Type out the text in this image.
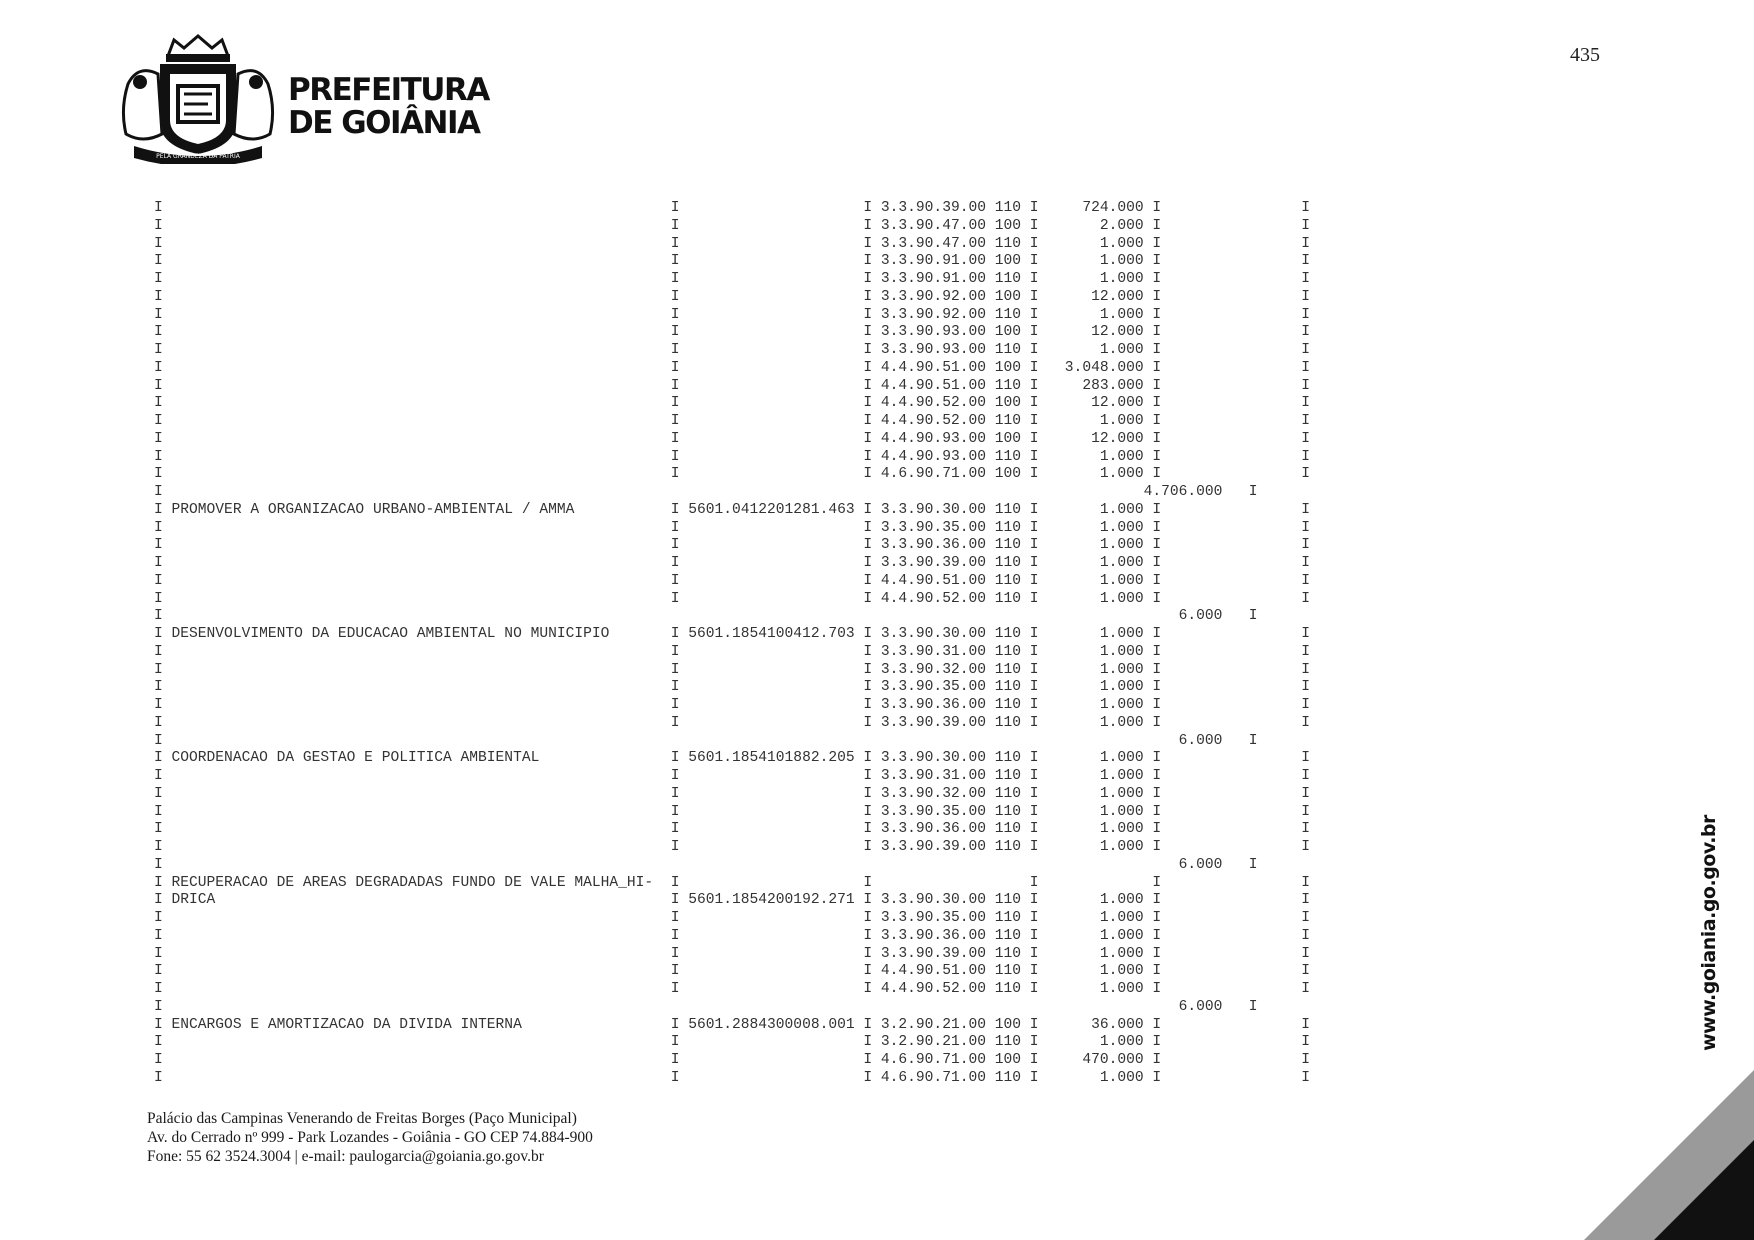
PELA GRANDEZA DA PÁTRIA
PREFEITURA
DE GOIÂNIA
435
I                                                          I                     I 3.3.90.39.00 110 I     724.000 I                I
I                                                          I                     I 3.3.90.47.00 100 I       2.000 I                I
I                                                          I                     I 3.3.90.47.00 110 I       1.000 I                I
I                                                          I                     I 3.3.90.91.00 100 I       1.000 I                I
I                                                          I                     I 3.3.90.91.00 110 I       1.000 I                I
I                                                          I                     I 3.3.90.92.00 100 I      12.000 I                I
I                                                          I                     I 3.3.90.92.00 110 I       1.000 I                I
I                                                          I                     I 3.3.90.93.00 100 I      12.000 I                I
I                                                          I                     I 3.3.90.93.00 110 I       1.000 I                I
I                                                          I                     I 4.4.90.51.00 100 I   3.048.000 I                I
I                                                          I                     I 4.4.90.51.00 110 I     283.000 I                I
I                                                          I                     I 4.4.90.52.00 100 I      12.000 I                I
I                                                          I                     I 4.4.90.52.00 110 I       1.000 I                I
I                                                          I                     I 4.4.90.93.00 100 I      12.000 I                I
I                                                          I                     I 4.4.90.93.00 110 I       1.000 I                I
I                                                          I                     I 4.6.90.71.00 100 I       1.000 I                I
I                                                                                                                4.706.000   I
I PROMOVER A ORGANIZACAO URBANO-AMBIENTAL / AMMA           I 5601.0412201281.463 I 3.3.90.30.00 110 I       1.000 I                I
I                                                          I                     I 3.3.90.35.00 110 I       1.000 I                I
I                                                          I                     I 3.3.90.36.00 110 I       1.000 I                I
I                                                          I                     I 3.3.90.39.00 110 I       1.000 I                I
I                                                          I                     I 4.4.90.51.00 110 I       1.000 I                I
I                                                          I                     I 4.4.90.52.00 110 I       1.000 I                I
I                                                                                                                    6.000   I
I DESENVOLVIMENTO DA EDUCACAO AMBIENTAL NO MUNICIPIO       I 5601.1854100412.703 I 3.3.90.30.00 110 I       1.000 I                I
I                                                          I                     I 3.3.90.31.00 110 I       1.000 I                I
I                                                          I                     I 3.3.90.32.00 110 I       1.000 I                I
I                                                          I                     I 3.3.90.35.00 110 I       1.000 I                I
I                                                          I                     I 3.3.90.36.00 110 I       1.000 I                I
I                                                          I                     I 3.3.90.39.00 110 I       1.000 I                I
I                                                                                                                    6.000   I
I COORDENACAO DA GESTAO E POLITICA AMBIENTAL               I 5601.1854101882.205 I 3.3.90.30.00 110 I       1.000 I                I
I                                                          I                     I 3.3.90.31.00 110 I       1.000 I                I
I                                                          I                     I 3.3.90.32.00 110 I       1.000 I                I
I                                                          I                     I 3.3.90.35.00 110 I       1.000 I                I
I                                                          I                     I 3.3.90.36.00 110 I       1.000 I                I
I                                                          I                     I 3.3.90.39.00 110 I       1.000 I                I
I                                                                                                                    6.000   I
I RECUPERACAO DE AREAS DEGRADADAS FUNDO DE VALE MALHA_HI-  I                     I                  I             I                I
I DRICA                                                    I 5601.1854200192.271 I 3.3.90.30.00 110 I       1.000 I                I
I                                                          I                     I 3.3.90.35.00 110 I       1.000 I                I
I                                                          I                     I 3.3.90.36.00 110 I       1.000 I                I
I                                                          I                     I 3.3.90.39.00 110 I       1.000 I                I
I                                                          I                     I 4.4.90.51.00 110 I       1.000 I                I
I                                                          I                     I 4.4.90.52.00 110 I       1.000 I                I
I                                                                                                                    6.000   I
I ENCARGOS E AMORTIZACAO DA DIVIDA INTERNA                 I 5601.2884300008.001 I 3.2.90.21.00 100 I      36.000 I                I
I                                                          I                     I 3.2.90.21.00 110 I       1.000 I                I
I                                                          I                     I 4.6.90.71.00 100 I     470.000 I                I
I                                                          I                     I 4.6.90.71.00 110 I       1.000 I                I
Palácio das Campinas Venerando de Freitas Borges (Paço Municipal)
Av. do Cerrado nº 999 - Park Lozandes - Goiânia - GO CEP 74.884-900
Fone: 55 62 3524.3004 | e-mail: paulogarcia@goiania.go.gov.br
www.goiania.go.gov.br
